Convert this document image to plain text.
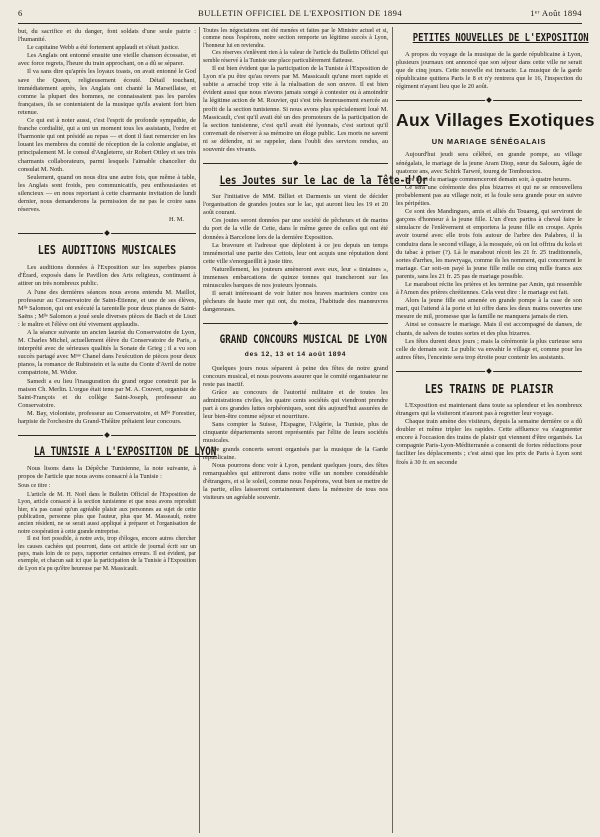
6	BULLETIN OFFICIEL DE L'EXPOSITION DE 1894	1ᵉʳ Août 1894

but, du sacrifice et du danger, font soldats d'une seule patrie : l'humanité.

Le capitaine Webb a été fortement applaudi et s'était justice.

Les Anglais ont entonné ensuite une vieille chanson écossaise, et avec force regrets, l'heure du train approchant, on a dû se séparer.

Il va sans dire qu'après les loyaux toasts, on avait entonné le God save the Queen, religieusement écouté. Détail touchant, immédiatement après, les Anglais ont chanté la Marseillaise, et comme la plupart des hommes, ne connaissaient pas les paroles françaises, ils se contentaient de la musique qu'ils avaient fort bien retenue.

Ce qui est à noter aussi, c'est l'esprit de profonde sympathie, de franche cordialité, qui a uni un moment tous les assistants, l'ordre et l'harmonie qui ont présidé au repas — et dont il faut remercier en les louant les membres du comité de réception de la colonie anglaise, et principalement M. le consul d'Angleterre, sir Robert Ottley et ses très charmants collaborateurs, parmi lesquels l'aimable chancelier du consulat M. Noth.

Seulement, quand on nous dira une autre fois, que même à table, les Anglais sont froids, peu communicatifs, peu enthousiastes et silencieux — en nous reportant à cette charmante invitation de lundi dernier, nous demanderons la permission de ne pas le croire sans réserves.

H. M.

◆
LES AUDITIONS MUSICALES

Les auditions données à l'Exposition sur les superbes pianos d'Érard, exposés dans le Pavillon des Arts religieux, continuent à attirer un très nombreux public.

A l'une des dernières séances nous avons entendu M. Maillot, professeur au Conservatoire de Saint-Étienne, et une de ses élèves, Mˡˡᵉ Salomon, qui ont exécuté la tarentelle pour deux pianos de Saint-Saëns ; Mˡˡᵉ Salomon a joué seule diverses pièces de Bach et de Liszt : le maître et l'élève ont été vivement applaudis.

A la séance suivante un ancien lauréat du Conservatoire de Lyon, M. Charles Michel, actuellement élève du Conservatoire de Paris, a interprété avec de sérieuses qualités la Sonate de Grieg ; il a vu son succès partagé avec Mᵐᵉ Chanel dans l'exécution de pièces pour deux pianos, la romance de Rubinstein et la suite du Conte d'Avril de notre compatriote, M. Widor.

Samedi a eu lieu l'inauguration du grand orgue construit par la maison Ch. Merlin. L'orgue était tenu par M. A. Couvert, organiste de Saint-François et du collège Saint-Joseph, professeur au Conservatoire.

M. Bay, violoniste, professeur au Conservatoire, et Mˡˡᵉ Forestier, harpiste de l'orchestre du Grand-Théâtre prêtaient leur concours.

◆
LA TUNISIE A L'EXPOSITION DE LYON

Nous lisons dans la Dépêche Tunisienne, la note suivante, à propos de l'article que nous avons consacré à la Tunisie :

Sous ce titre :

L'article de M. H. Noël dans le Bulletin Officiel de l'Exposition de Lyon, article consacré à la section tunisienne et que nous avons reproduit hier, n'a pas causé qu'un agréable plaisir aux personnes au sujet de cette publication, personne plus que l'auteur, plus que M. Masseault, notre ancien résident, ne se serait aussi appliqué à préparer et l'organisation de notre coopération à cette grande entreprise.

Il est fort possible, à notre avis, trop d'éloges, encore autres chercher les causes cachées qui pourront, dans cet article de journal écrit sur un pays, mais loin de ce pays, rapporter certaines erreurs. Il est évident, par exemple, et chacun sait ici que la participation de la Tunisie à l'Exposition de Lyon n'a pu qu'être heureuse par M. Massicault.

Toutes les négociations ont été menées et faites par le Ministre actuel et si, comme nous l'espérons, notre section remporte un légitime succès à Lyon, l'honneur lui en reviendra.

Ces réserves s'enlèvent rien à la valeur de l'article du Bulletin Officiel qui semble réservé à la Tunisie une place particulièrement flatteuse.

Il est bien évident que la participation de la Tunisie à l'Exposition de Lyon n'a pu être qu'au revers par M. Massicault qu'une mort rapide et subite a arraché trop vite à la réalisation de son œuvre. Il est bien évident aussi que nous n'avons jamais songé à contester ou à amoindrir la légitime action de M. Rouvier, qui s'est très heureusement exercée au profit de la section tunisienne. Si nous avons plus spécialement loué M. Massicault, c'est qu'il avait été un des promoteurs de la participation de la section tunisienne, c'est qu'il avait été lyonnais, c'est surtout qu'il convenait de réserver à sa mémoire un éloge public. Les morts ne savent ni se défendre, ni se rappeler, dans l'oubli des services rendus, au souvenir des vivants.

◆
Les Joutes sur le Lac de la Tête-d'Or

Sur l'initiative de MM. Billiet et Darmenis un vient de décider l'organisation de grandes joutes sur le lac, qui auront lieu les 19 et 20 août courant.

Ces joutes seront données par une société de pêcheurs et de marins du port de la ville de Cette, dans le même genre de celles qui ont été données à Barcelone lors de la dernière Exposition.

La bravoure et l'adresse que déploient à ce jeu depuis un temps immémorial une partie des Cettois, leur ont acquis une réputation dont cette ville s'enorgueillit à juste titre.

Naturellement, les jouteurs amèneront avec eux, leur « tintaines », immenses embarcations de quinze tonnes qui trancheront sur les minuscules barques de nos jouteurs lyonnais.

Il serait intéressant de voir lutter nos braves mariniers contre ces pêcheurs de haute mer qui ont, du moins, l'habitude des manœuvres dangereuses.

◆
GRAND CONCOURS MUSICAL DE LYON
des 12, 13 et 14 août 1894

Quelques jours nous séparent à peine des fêtes de notre grand concours musical, et nous pouvons assurer que le comité organisateur ne reste pas inactif.

Grâce au concours de l'autorité militaire et de toutes les administrations civiles, les quatre cents sociétés qui viendront prendre part à ces grandes luttes orphéoniques, sont dès aujourd'hui assurées de leur bien-être comme séjour et nourriture.

Sans compter la Suisse, l'Espagne, l'Algérie, la Tunisie, plus de cinquante départements seront représentés par l'élite de leurs sociétés musicales.

De grands concerts seront organisés par la musique de la Garde républicaine.

Nous pourrons donc voir à Lyon, pendant quelques jours, des fêtes remarquables qui attireront dans notre ville un nombre considérable d'étrangers, et si le soleil, comme nous l'espérons, veut bien se mettre de la partie, elles laisseront certainement dans la mémoire de tous nos visiteurs un agréable souvenir.

PETITES NOUVELLES DE L'EXPOSITION

A propos du voyage de la musique de la garde républicaine à Lyon, plusieurs journaux ont annoncé que son séjour dans cette ville ne serait que de cinq jours. Cette nouvelle est inexacte. La musique de la garde républicaine quittera Paris le 8 et n'y rentrera que le 16, l'inspection du régiment n'ayant lieu que le 20 août.

◆
Aux Villages Exotiques
UN MARIAGE SÉNÉGALAIS

Aujourd'hui jeudi sera célébré, en grande pompe, au village sénégalais, le mariage de la jeune Aram Diop, sœur du Saloum, âgée de quatorze ans, avec Schirk Tarwré, toureg de Tombouctou.

Les fêtes du mariage commenceront demain soir, à quatre heures.

Ce sera une cérémonie des plus bizarres et qui ne se renouvellera probablement pas au village noir, et la foule sera grande pour en suivre les péripéties.

Ce sont des Mandingues, amis et alliés du Touareg, qui serviront de garçons d'honneur à la jeune fille. L'un d'eux partira à cheval faire le simulacre de l'enlèvement et emportera la jeune fille en croupe. Après avoir tourné avec elle trois fois autour de l'arbre des Palabres, il la conduira dans le second village, à la mosquée, où on lui offrira du kola et du tabac à priser (?). Là le marabout récoit les 21 fr. 25 traditionnels, sortes d'arrhes, les mawryaga, comme ils les nomment, qui concernent le mariage. Car soit-on payé la jeune fille mille ou cinq mille francs aux parents, sans les 21 fr. 25 pas de mariage possible.

Le marabout récite les prières et les termine par Amin, qui ressemble à l'Amen des prières chrétiennes. Cela veut dire : le mariage est fait.

Alors la jeune fille est amenée en grande pompe à la case de son mari, qui l'attend à la porte et lui offre dans les deux mains ouvertes une mesure de mil, promesse que la famille ne manquera jamais de rien.

Ainsi se consacre le mariage. Mais il est accompagné de danses, de chants, de salves de toutes sortes et des plus bizarres.

Les fêtes durent deux jours ; mais la cérémonie la plus curieuse sera celle de demain soir. Le public va envahir le village et, comme pour les autres fêtes, l'enceinte sera trop étroite pour contenir les assistants.

◆
LES TRAINS DE PLAISIR

L'Exposition est maintenant dans toute sa splendeur et les nombreux étrangers qui la visiteront n'auront pas à regretter leur voyage.

Chaque train amène des visiteurs, depuis la semaine dernière ce a dû doubler et même tripler les rapides. Cette affluence va s'augmenter encore à l'occasion des trains de plaisir qui viennent d'être organisés. La compagnie Paris-Lyon-Méditerranée a consenti de fortes réductions pour faciliter les déplacements ; c'est ainsi que les prix de Paris à Lyon sont fixés à 30 fr. en seconde
